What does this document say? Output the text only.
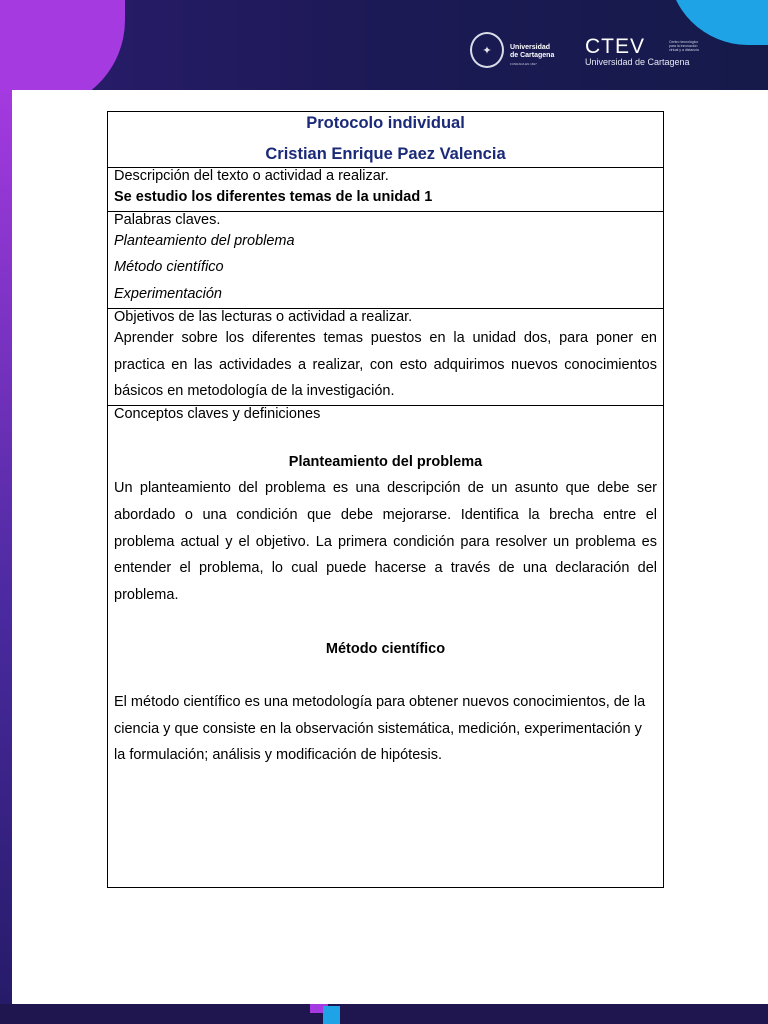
✦	Universidad
de Cartagena
FUNDADA EN 1827
CTEV	Centro tecnológico para la innovación virtual y a distancia
Universidad de Cartagena
Protocolo individual
Cristian Enrique Paez Valencia

Descripción del texto o actividad a realizar.
Se estudio los diferentes temas de la unidad 1

Palabras claves.
Planteamiento del problema
Método científico
Experimentación

Objetivos de las lecturas o actividad a realizar.
Aprender sobre los diferentes temas puestos en la unidad dos, para poner en practica en las actividades a realizar, con esto adquirimos nuevos conocimientos básicos en metodología de la investigación.

Conceptos claves y definiciones
Planteamiento del problema
Un planteamiento del problema es una descripción de un asunto que debe ser abordado o una condición que debe mejorarse. Identifica la brecha entre el problema actual y el objetivo. La primera condición para resolver un problema es entender el problema, lo cual puede hacerse a través de una declaración del problema.
Método científico
El método científico es una metodología para obtener nuevos conocimientos, de la ciencia y que consiste en la observación sistemática, medición, experimentación y la formulación; análisis y modificación de hipótesis.
